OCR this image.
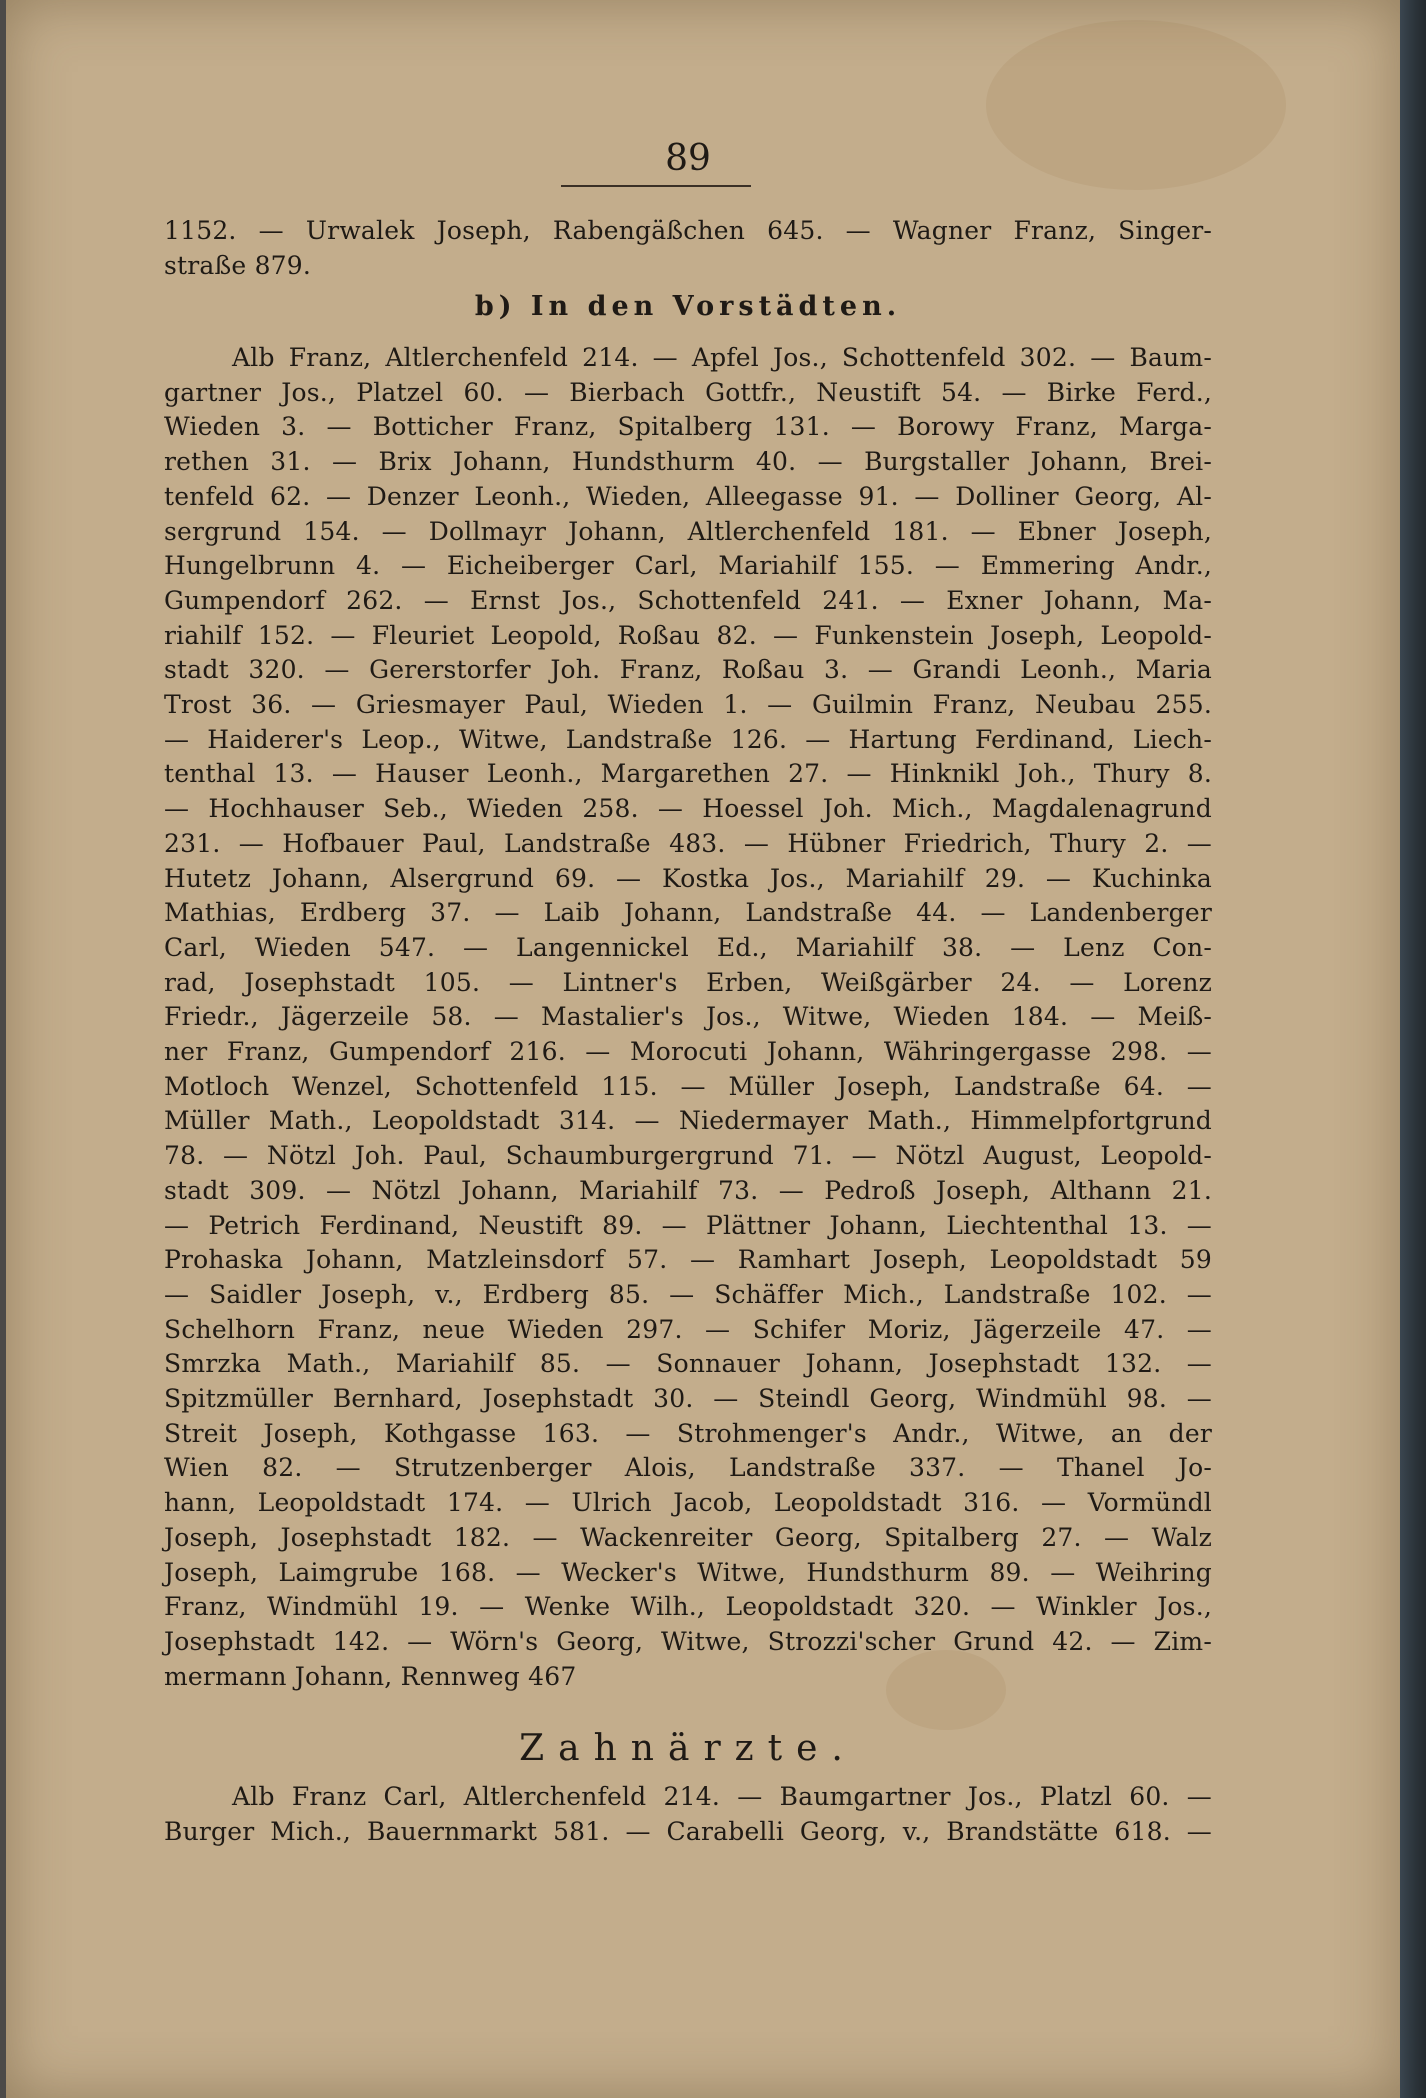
89
1152. — Urwalek Joseph, Rabengäßchen 645. — Wagner Franz, Singer-
straße 879.
b) In den Vorstädten.
Alb Franz, Altlerchenfeld 214. — Apfel Jos., Schottenfeld 302. — Baum-
gartner Jos., Platzel 60. — Bierbach Gottfr., Neustift 54. — Birke Ferd.,
Wieden 3. — Botticher Franz, Spitalberg 131. — Borowy Franz, Marga-
rethen 31. — Brix Johann, Hundsthurm 40. — Burgstaller Johann, Brei-
tenfeld 62. — Denzer Leonh., Wieden, Alleegasse 91. — Dolliner Georg, Al-
sergrund 154. — Dollmayr Johann, Altlerchenfeld 181. — Ebner Joseph,
Hungelbrunn 4. — Eicheiberger Carl, Mariahilf 155. — Emmering Andr.,
Gumpendorf 262. — Ernst Jos., Schottenfeld 241. — Exner Johann, Ma-
riahilf 152. — Fleuriet Leopold, Roßau 82. — Funkenstein Joseph, Leopold-
stadt 320. — Gererstorfer Joh. Franz, Roßau 3. — Grandi Leonh., Maria
Trost 36. — Griesmayer Paul, Wieden 1. — Guilmin Franz, Neubau 255.
— Haiderer's Leop., Witwe, Landstraße 126. — Hartung Ferdinand, Liech-
tenthal 13. — Hauser Leonh., Margarethen 27. — Hinknikl Joh., Thury 8.
— Hochhauser Seb., Wieden 258. — Hoessel Joh. Mich., Magdalenagrund
231. — Hofbauer Paul, Landstraße 483. — Hübner Friedrich, Thury 2. —
Hutetz Johann, Alsergrund 69. — Kostka Jos., Mariahilf 29. — Kuchinka
Mathias, Erdberg 37. — Laib Johann, Landstraße 44. — Landenberger
Carl, Wieden 547. — Langennickel Ed., Mariahilf 38. — Lenz Con-
rad, Josephstadt 105. — Lintner's Erben, Weißgärber 24. — Lorenz
Friedr., Jägerzeile 58. — Mastalier's Jos., Witwe, Wieden 184. — Meiß-
ner Franz, Gumpendorf 216. — Morocuti Johann, Währingergasse 298. —
Motloch Wenzel, Schottenfeld 115. — Müller Joseph, Landstraße 64. —
Müller Math., Leopoldstadt 314. — Niedermayer Math., Himmelpfortgrund
78. — Nötzl Joh. Paul, Schaumburgergrund 71. — Nötzl August, Leopold-
stadt 309. — Nötzl Johann, Mariahilf 73. — Pedroß Joseph, Althann 21.
— Petrich Ferdinand, Neustift 89. — Plättner Johann, Liechtenthal 13. —
Prohaska Johann, Matzleinsdorf 57. — Ramhart Joseph, Leopoldstadt 59
— Saidler Joseph, v., Erdberg 85. — Schäffer Mich., Landstraße 102. —
Schelhorn Franz, neue Wieden 297. — Schifer Moriz, Jägerzeile 47. —
Smrzka Math., Mariahilf 85. — Sonnauer Johann, Josephstadt 132. —
Spitzmüller Bernhard, Josephstadt 30. — Steindl Georg, Windmühl 98. —
Streit Joseph, Kothgasse 163. — Strohmenger's Andr., Witwe, an der
Wien 82. — Strutzenberger Alois, Landstraße 337. — Thanel Jo-
hann, Leopoldstadt 174. — Ulrich Jacob, Leopoldstadt 316. — Vormündl
Joseph, Josephstadt 182. — Wackenreiter Georg, Spitalberg 27. — Walz
Joseph, Laimgrube 168. — Wecker's Witwe, Hundsthurm 89. — Weihring
Franz, Windmühl 19. — Wenke Wilh., Leopoldstadt 320. — Winkler Jos.,
Josephstadt 142. — Wörn's Georg, Witwe, Strozzi'scher Grund 42. — Zim-
mermann Johann, Rennweg 467
Zahnärzte.
Alb Franz Carl, Altlerchenfeld 214. — Baumgartner Jos., Platzl 60. —
Burger Mich., Bauernmarkt 581. — Carabelli Georg, v., Brandstätte 618. —
